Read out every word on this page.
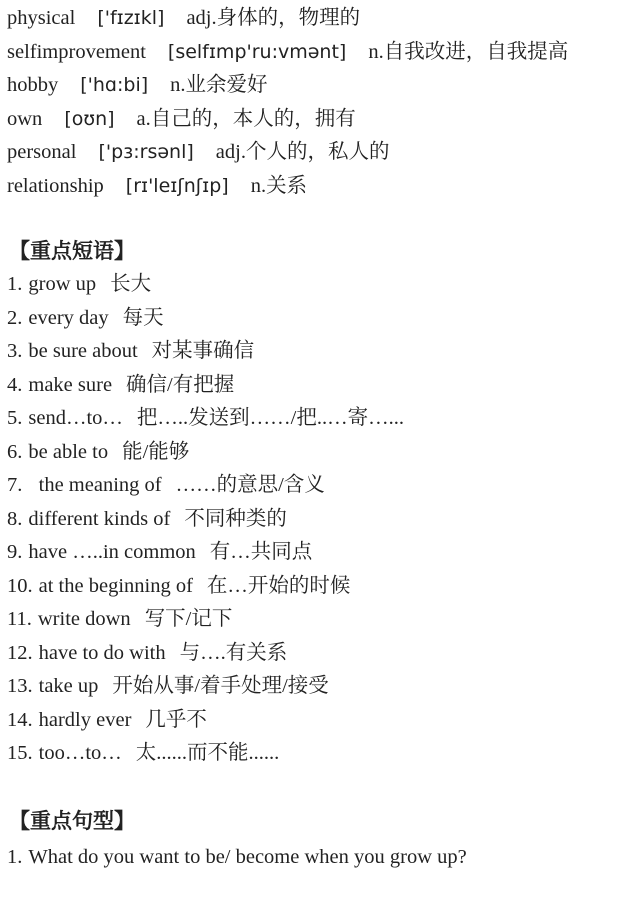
physical ['fɪzɪkl] adj.身体的，物理的
selfimprovement [selfɪmp'ru:vmənt] n.自我改进，自我提高
hobby ['hɑ:bi] n.业余爱好
own [oʊn] a.自己的，本人的，拥有
personal ['pɜ:rsənl] adj.个人的，私人的
relationship [rɪ'leɪʃnʃɪp] n.关系
【重点短语】
1. grow up 长大
2. every day 每天
3. be sure about 对某事确信
4. make sure 确信/有把握
5. send…to… 把…..发送到……/把..…寄…...
6. be able to 能/能够
7.  the meaning of ……的意思/含义
8. different kinds of 不同种类的
9. have …..in common 有…共同点
10. at the beginning of 在…开始的时候
11. write down 写下/记下
12. have to do with 与….有关系
13. take up 开始从事/着手处理/接受
14. hardly ever 几乎不
15. too…to… 太......而不能......
【重点句型】
1. What do you want to be/ become when you grow up?
